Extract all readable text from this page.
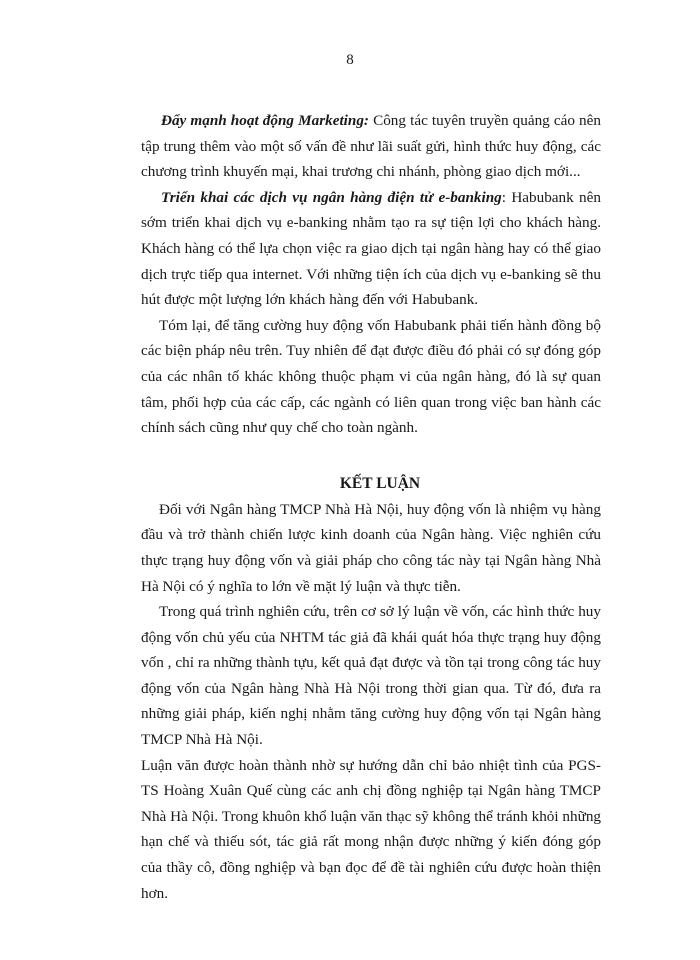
8

Đẩy mạnh hoạt động Marketing: Công tác tuyên truyền quảng cáo nên tập trung thêm vào một số vấn đề như lãi suất gửi, hình thức huy động, các chương trình khuyến mại, khai trương chi nhánh, phòng giao dịch mới...

Triển khai các dịch vụ ngân hàng điện tử e-banking: Habubank nên sớm triển khai dịch vụ e-banking nhằm tạo ra sự tiện lợi cho khách hàng. Khách hàng có thể lựa chọn việc ra giao dịch tại ngân hàng hay có thể giao dịch trực tiếp qua internet. Với những tiện ích của dịch vụ e-banking sẽ thu hút được một lượng lớn khách hàng đến với Habubank.

Tóm lại, để tăng cường huy động vốn Habubank phải tiến hành đồng bộ các biện pháp nêu trên. Tuy nhiên để đạt được điều đó phải có sự đóng góp của các nhân tố khác không thuộc phạm vi của ngân hàng, đó là sự quan tâm, phối hợp của các cấp, các ngành có liên quan trong việc ban hành các chính sách cũng như quy chế cho toàn ngành.

KẾT LUẬN

Đối với Ngân hàng TMCP Nhà Hà Nội, huy động vốn là nhiệm vụ hàng đầu và trở thành chiến lược kinh doanh của Ngân hàng. Việc nghiên cứu thực trạng huy động vốn và giải pháp cho công tác này tại Ngân hàng Nhà Hà Nội có ý nghĩa to lớn về mặt lý luận và thực tiễn.

Trong quá trình nghiên cứu, trên cơ sở lý luận về vốn, các hình thức huy động vốn chủ yếu của NHTM tác giả đã khái quát hóa thực trạng huy động vốn , chỉ ra những thành tựu, kết quả đạt được và tồn tại trong công tác huy động vốn của Ngân hàng Nhà Hà Nội trong thời gian qua. Từ đó, đưa ra những giải pháp, kiến nghị nhằm tăng cường huy động vốn tại Ngân hàng TMCP Nhà Hà Nội.

Luận văn được hoàn thành nhờ sự hướng dẫn chỉ bảo nhiệt tình của PGS-TS Hoàng Xuân Quế cùng các anh chị đồng nghiệp tại Ngân hàng TMCP Nhà Hà Nội. Trong khuôn khổ luận văn thạc sỹ không thể tránh khỏi những hạn chế và thiếu sót, tác giả rất mong nhận được những ý kiến đóng góp của thầy cô, đồng nghiệp và bạn đọc để đề tài nghiên cứu được hoàn thiện hơn.
